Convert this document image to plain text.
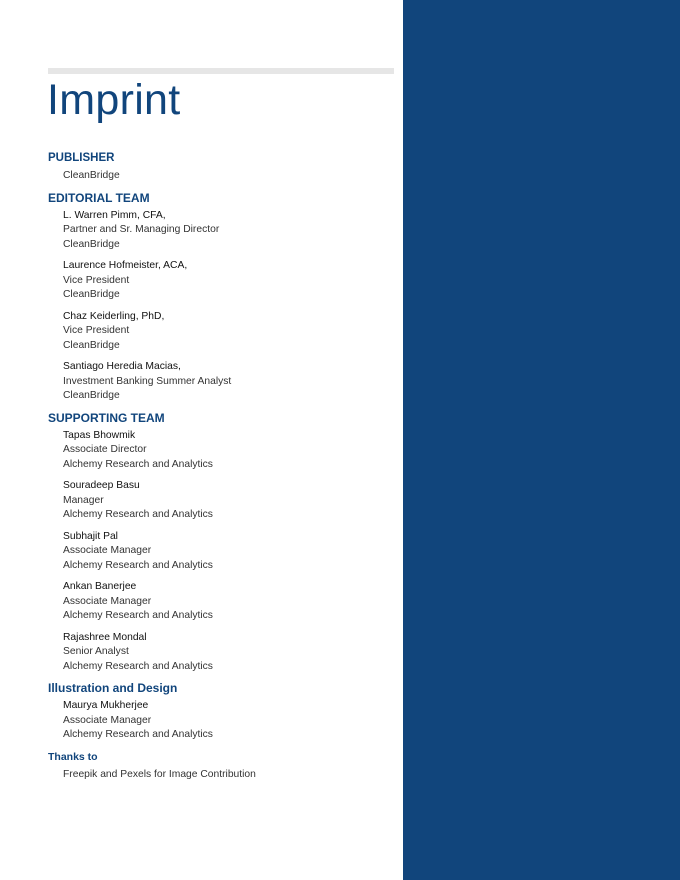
Imprint
PUBLISHER
CleanBridge
EDITORIAL TEAM
L. Warren Pimm, CFA,
Partner and Sr. Managing Director
CleanBridge
Laurence Hofmeister, ACA,
Vice President
CleanBridge
Chaz Keiderling, PhD,
Vice President
CleanBridge
Santiago Heredia Macias,
Investment Banking Summer Analyst
CleanBridge
SUPPORTING TEAM
Tapas Bhowmik
Associate Director
Alchemy Research and Analytics
Souradeep Basu
Manager
Alchemy Research and Analytics
Subhajit Pal
Associate Manager
Alchemy Research and Analytics
Ankan Banerjee
Associate Manager
Alchemy Research and Analytics
Rajashree Mondal
Senior Analyst
Alchemy Research and Analytics
Illustration and Design
Maurya Mukherjee
Associate Manager
Alchemy Research and Analytics
Thanks to
Freepik and Pexels for Image Contribution
